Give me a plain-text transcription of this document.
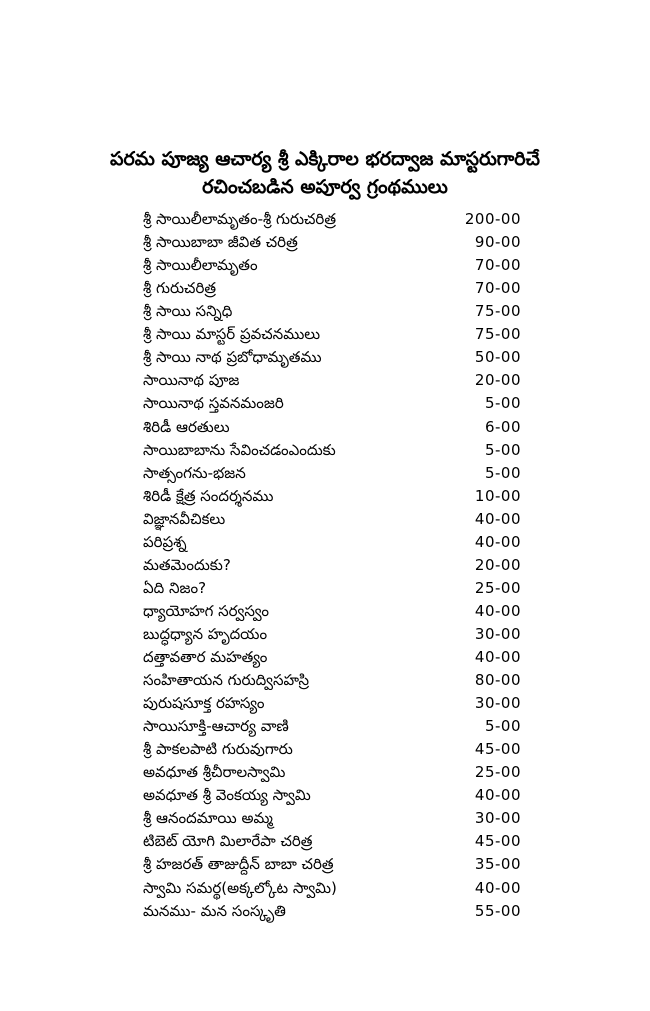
పరమ పూజ్య ఆచార్య శ్రీ ఎక్కిరాల భరద్వాజ మాస్టరుగారిచే
రచించబడిన అపూర్వ గ్రంథములు
శ్రీ సాయిలీలామృతం-శ్రీ గురుచరిత్ర	200-00
శ్రీ సాయిబాబా జీవిత చరిత్ర	90-00
శ్రీ సాయిలీలామృతం	70-00
శ్రీ గురుచరిత్ర	70-00
శ్రీ సాయి సన్నిధి	75-00
శ్రీ సాయి మాస్టర్ ప్రవచనములు	75-00
శ్రీ సాయి నాథ ప్రబోధామృతము	50-00
సాయినాథ పూజ	20-00
సాయినాథ స్తవనమంజరి	5-00
శిరిడీ ఆరతులు	6-00
సాయిబాబాను సేవించడంఎందుకు	5-00
సాత్సంగను-భజన	5-00
శిరిడీ క్షేత్ర సందర్శనము	10-00
విజ్ఞానవీచికలు	40-00
పరిప్రశ్న	40-00
మతమెందుకు?	20-00
ఏది నిజం?	25-00
ధ్యాయోహగ సర్వస్వం	40-00
బుద్ధధ్యాన హృదయం	30-00
దత్తావతార మహత్యం	40-00
సంహితాయన గురుద్విసహస్రి	80-00
పురుషసూక్త రహస్యం	30-00
సాయిసూక్తి-ఆచార్య వాణి	5-00
శ్రీ పాకలపాటి గురువుగారు	45-00
అవధూత శ్రీచీరాలస్వామి	25-00
అవధూత శ్రీ వెంకయ్య స్వామి	40-00
శ్రీ ఆనందమాయి అమ్మ	30-00
టిబెట్ యోగి మిలారేపా చరిత్ర	45-00
శ్రీ హజరత్ తాజుద్దీన్ బాబా చరిత్ర	35-00
స్వామి సమర్థ(అక్కల్కోట స్వామి)	40-00
మనము- మన సంస్కృతి	55-00
